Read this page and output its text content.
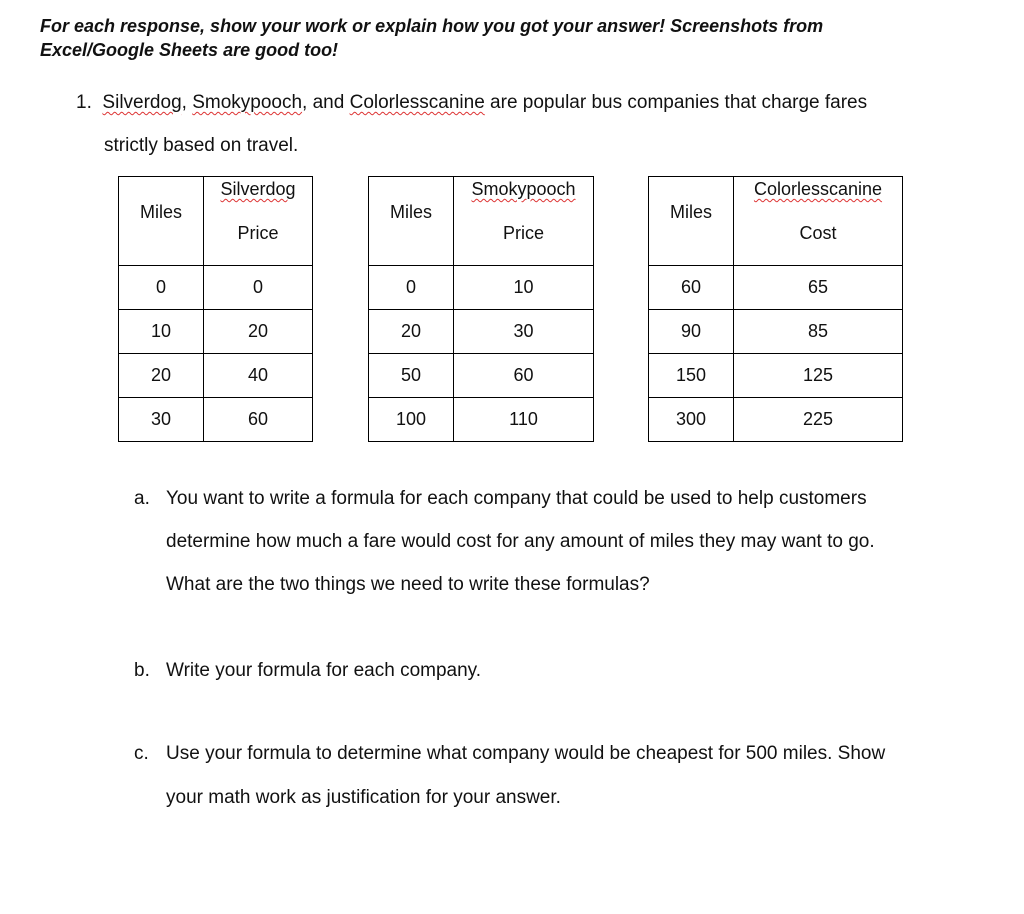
For each response, show your work or explain how you got your answer! Screenshots from
Excel/Google Sheets are good too!
1. Silverdog, Smokypooch, and Colorlesscanine are popular bus companies that charge fares
strictly based on travel.
Miles	Silverdog
Price

0	0
10	20
20	40
30	60
Miles	Smokypooch
Price

0	10
20	30
50	60
100	110
Miles	Colorlesscanine
Cost

60	65
90	85
150	125
300	225
a. You want to write a formula for each company that could be used to help customers
determine how much a fare would cost for any amount of miles they may want to go.
What are the two things we need to write these formulas?
b. Write your formula for each company.
c. Use your formula to determine what company would be cheapest for 500 miles. Show
your math work as justification for your answer.
